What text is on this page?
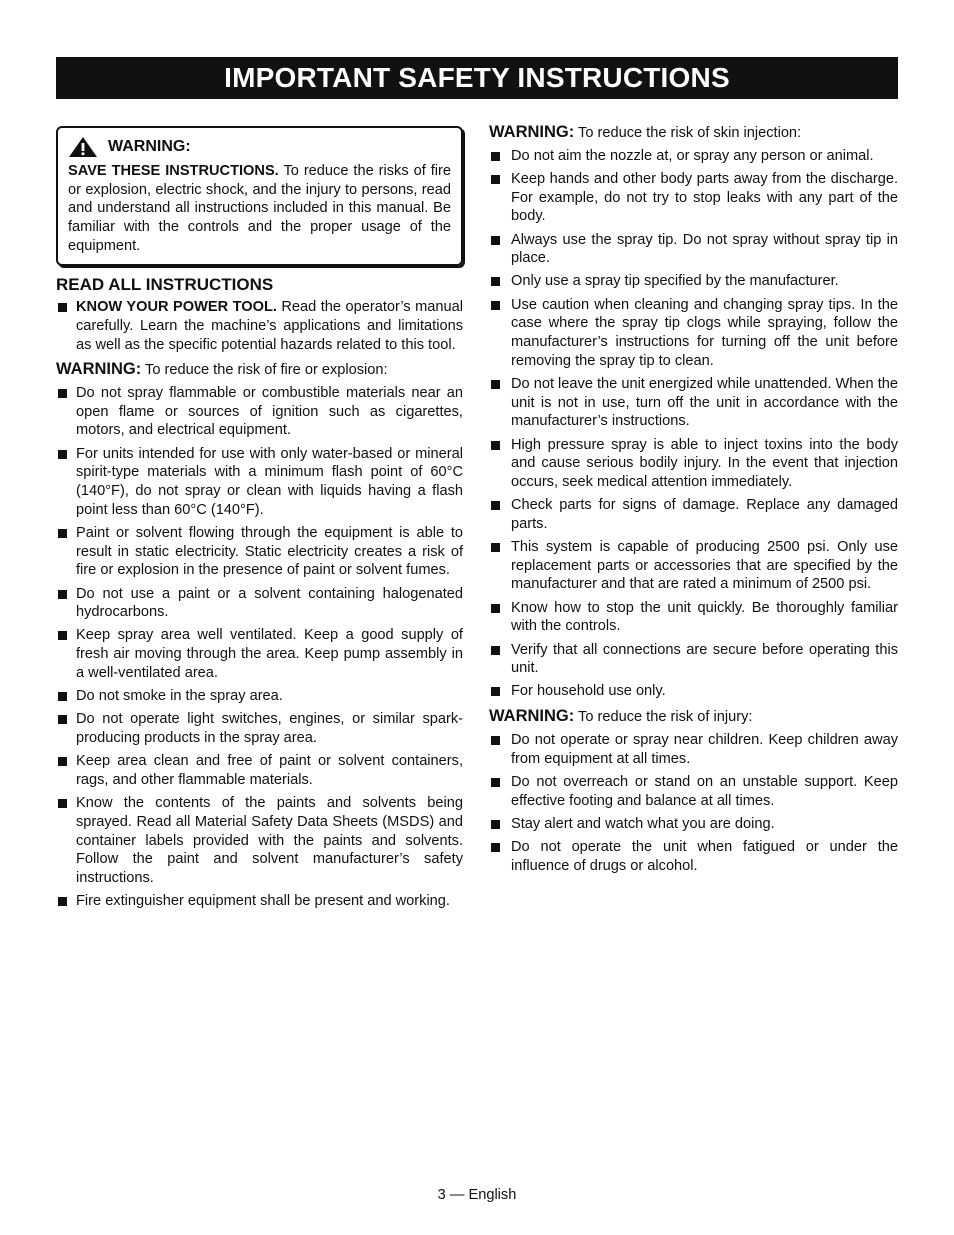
IMPORTANT SAFETY INSTRUCTIONS
WARNING:

SAVE THESE INSTRUCTIONS. To reduce the risks of fire or explosion, electric shock, and the injury to persons, read and understand all instructions included in this manual. Be familiar with the controls and the proper usage of the equipment.

READ ALL INSTRUCTIONS
KNOW YOUR POWER TOOL. Read the operator’s manual carefully. Learn the machine’s applications and limitations as well as the specific potential hazards related to this tool.
WARNING: To reduce the risk of fire or explosion:
Do not spray flammable or combustible materials near an open flame or sources of ignition such as cigarettes, motors, and electrical equipment.
For units intended for use with only water-based or mineral spirit-type materials with a minimum flash point of 60°C (140°F), do not spray or clean with liquids having a flash point less than 60°C (140°F).
Paint or solvent flowing through the equipment is able to result in static electricity. Static electricity creates a risk of fire or explosion in the presence of paint or solvent fumes.
Do not use a paint or a solvent containing halogenated hydrocarbons.
Keep spray area well ventilated. Keep a good supply of fresh air moving through the area. Keep pump assembly in a well-ventilated area.
Do not smoke in the spray area.
Do not operate light switches, engines, or similar spark-producing products in the spray area.
Keep area clean and free of paint or solvent containers, rags, and other flammable materials.
Know the contents of the paints and solvents being sprayed. Read all Material Safety Data Sheets (MSDS) and container labels provided with the paints and solvents. Follow the paint and solvent manufacturer’s safety instructions.
Fire extinguisher equipment shall be present and working.
WARNING: To reduce the risk of skin injection:
Do not aim the nozzle at, or spray any person or animal.
Keep hands and other body parts away from the discharge. For example, do not try to stop leaks with any part of the body.
Always use the spray tip. Do not spray without spray tip in place.
Only use a spray tip specified by the manufacturer.
Use caution when cleaning and changing spray tips. In the case where the spray tip clogs while spraying, follow the manufacturer’s instructions for turning off the unit before removing the spray tip to clean.
Do not leave the unit energized while unattended. When the unit is not in use, turn off the unit in accordance with the manufacturer’s instructions.
High pressure spray is able to inject toxins into the body and cause serious bodily injury. In the event that injection occurs, seek medical attention immediately.
Check parts for signs of damage. Replace any damaged parts.
This system is capable of producing 2500 psi. Only use replacement parts or accessories that are specified by the manufacturer and that are rated a minimum of 2500 psi.
Know how to stop the unit quickly. Be thoroughly familiar with the controls.
Verify that all connections are secure before operating this unit.
For household use only.
WARNING: To reduce the risk of injury:
Do not operate or spray near children. Keep children away from equipment at all times.
Do not overreach or stand on an unstable support. Keep effective footing and balance at all times.
Stay alert and watch what you are doing.
Do not operate the unit when fatigued or under the influence of drugs or alcohol.
3 — English
